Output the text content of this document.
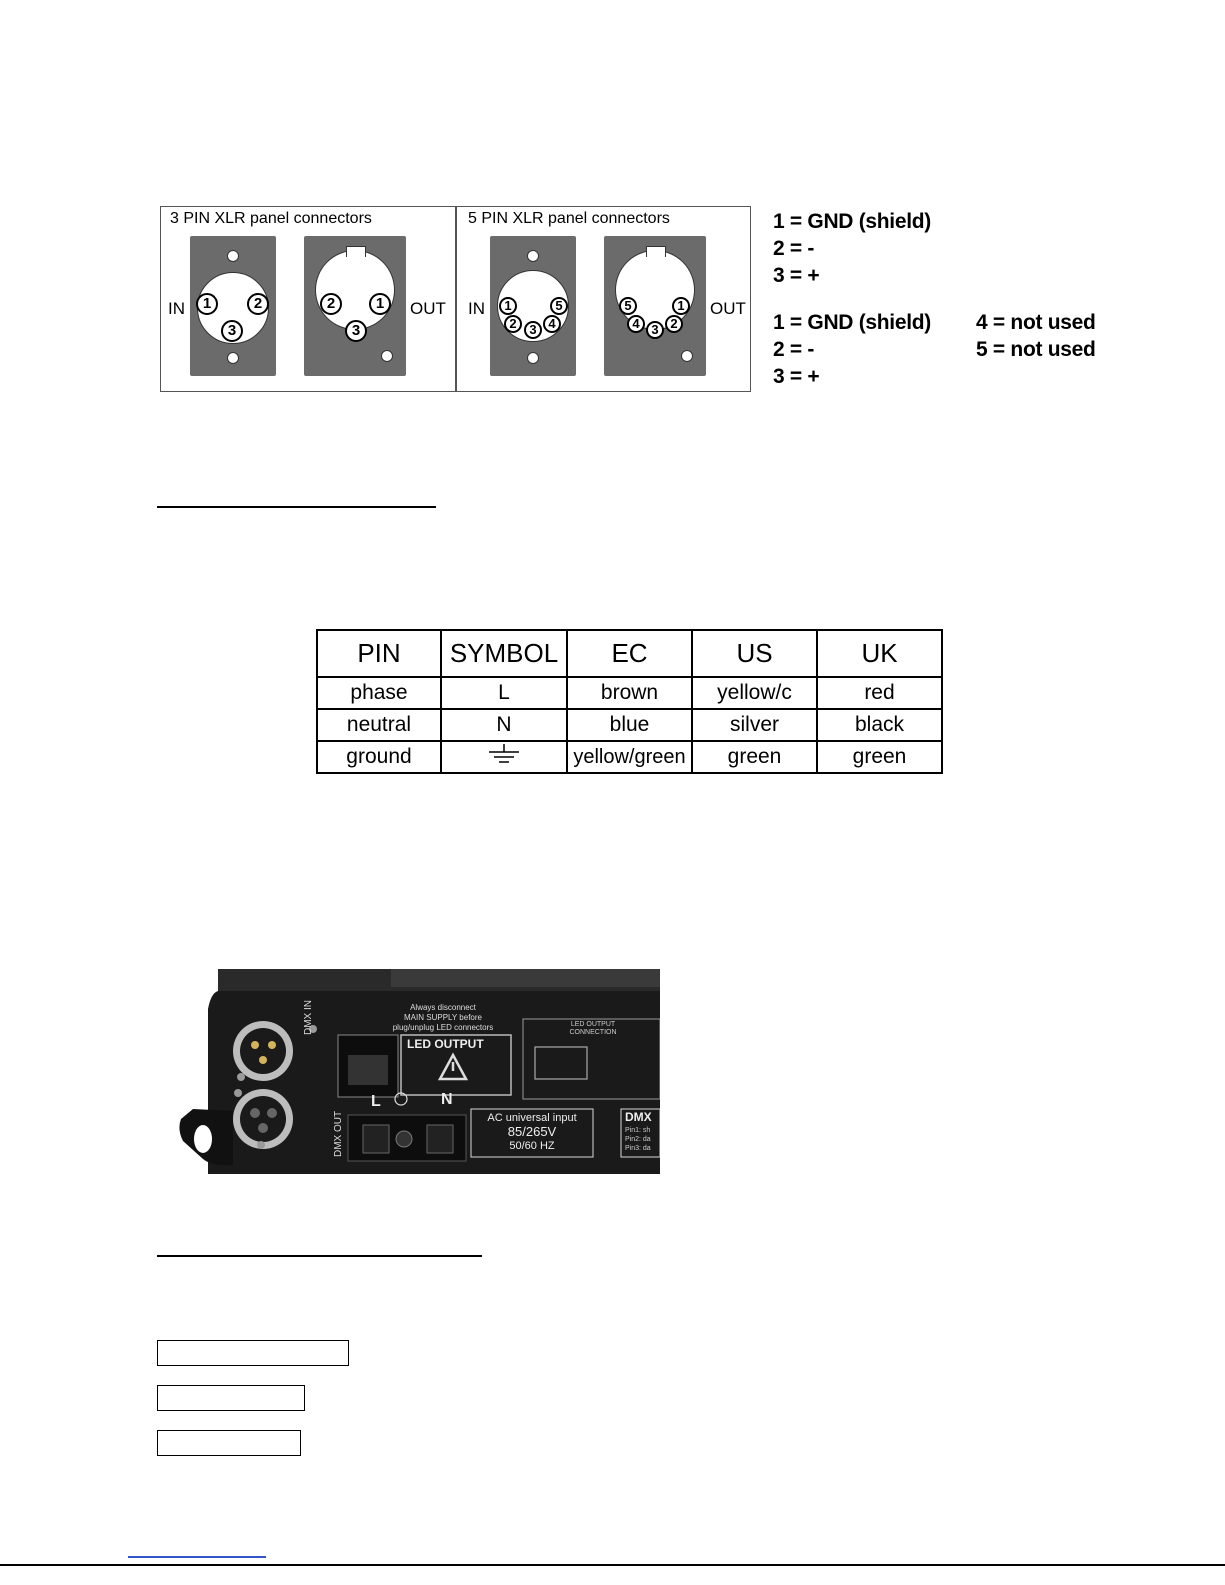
3 PIN XLR panel connectors	5 PIN XLR panel connectors
1	2
3
IN	2	1
3
OUT	1	5
2 3 4
IN	5	1
4 3 2
OUT
1 = GND (shield)
2 = -
3 = +
1 = GND (shield)
2 = -
3 = +
4 = not used
5 = not used
PIN	SYMBOL	EC	US	UK
phase	L	brown	yellow/c	red
neutral	N	blue	silver	black
ground		yellow/green	green	green
Always disconnect
MAIN SUPPLY before
plug/unplug LED connectors
DMX IN
DMX OUT
LED OUTPUT
LED OUTPUT
CONNECTION
L	N
AC universal input
85/265V
50/60 HZ
DMX
Pin1: sh
Pin2: da
Pin3: da
